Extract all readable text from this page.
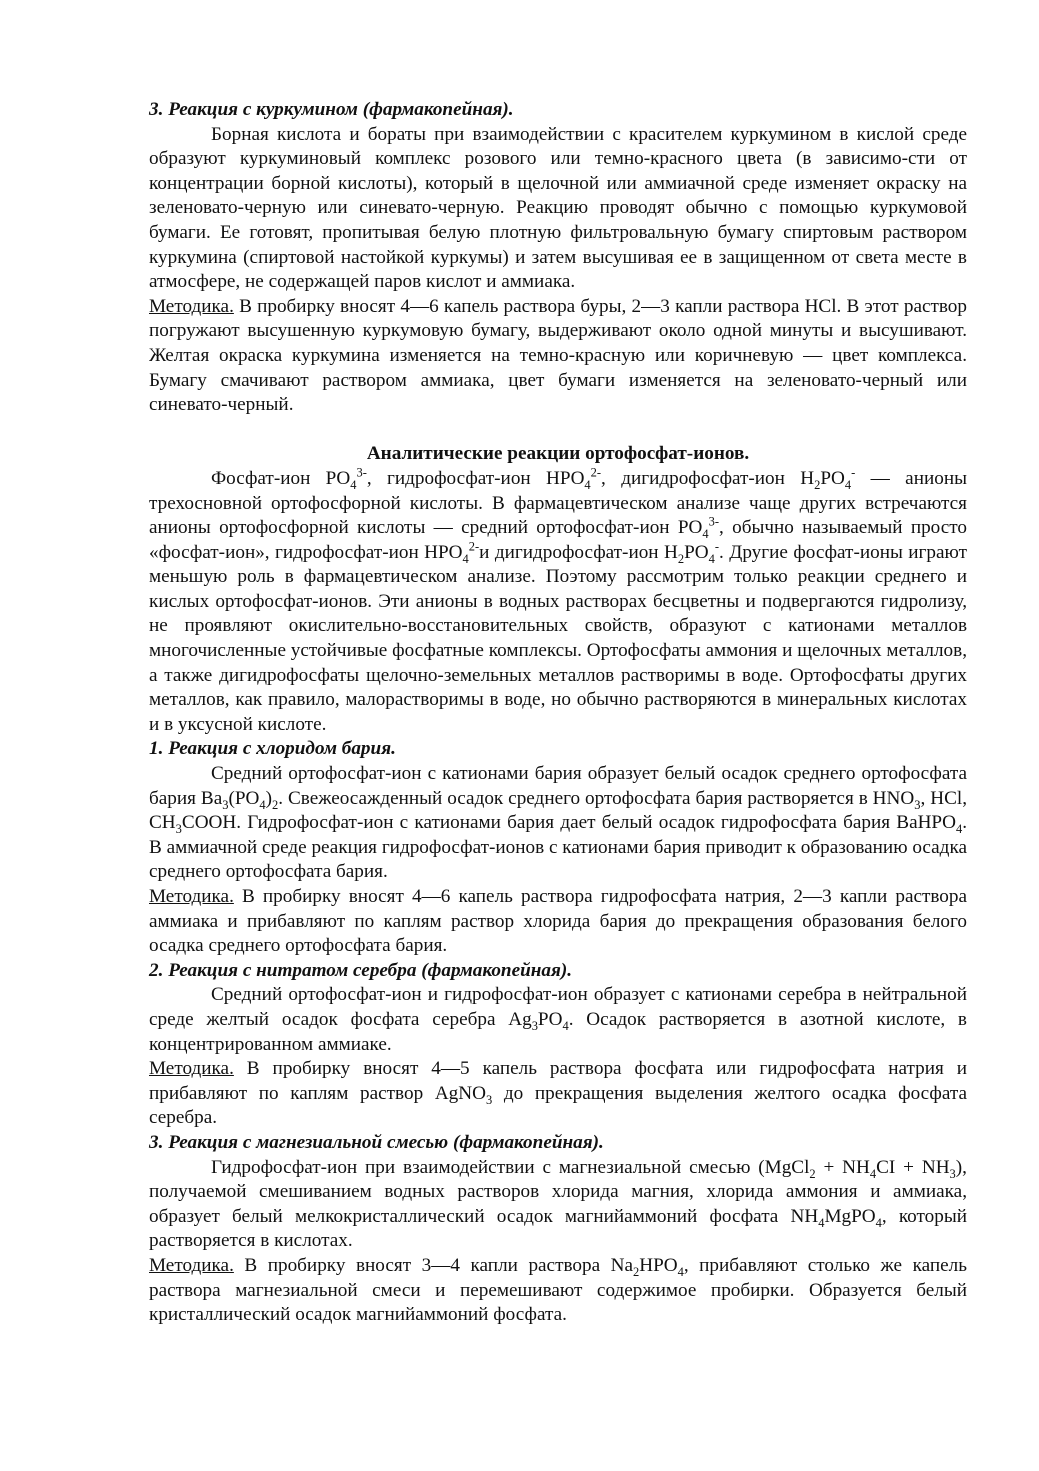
3. Реакция с куркумином (фармакопейная).

Борная кислота и бораты при взаимодействии с красителем куркумином в кислой среде образуют куркуминовый комплекс розового или темно-красного цвета (в зависимо-сти от концентрации борной кислоты), который в щелочной или аммиачной среде изменяет окраску на зеленовато-черную или синевато-черную. Реакцию проводят обычно с помощью куркумовой бумаги. Ее готовят, пропитывая белую плотную фильтровальную бумагу спиртовым раствором куркумина (спиртовой настойкой куркумы) и затем высушивая ее в защищенном от света месте в атмосфере, не содержащей паров кислот и аммиака.

Методика. В пробирку вносят 4—6 капель раствора буры, 2—3 капли раствора HCl. В этот раствор погружают высушенную куркумовую бумагу, выдерживают около одной минуты и высушивают. Желтая окраска куркумина изменяется на темно-красную или коричневую — цвет комплекса. Бумагу смачивают раствором аммиака, цвет бумаги изменяется на зеленовато-черный или синевато-черный.

Аналитические реакции ортофосфат-ионов.

Фосфат-ион $PO_4^{3-}$, гидрофосфат-ион $HPO_4^{2-}$, дигидрофосфат-ион $H_2PO_4^-$ — анионы трехосновной ортофосфорной кислоты. В фармацевтическом анализе чаще других встречаются анионы ортофосфорной кислоты — средний ортофосфат-ион $PO_4^{3-}$, обычно называемый просто «фосфат-ион», гидрофосфат-ион $HPO_4^{2-}и$ дигидрофосфат-ион $H_2PO_4^-$. Другие фосфат-ионы играют меньшую роль в фармацевтическом анализе. Поэтому рассмотрим только реакции среднего и кислых ортофосфат-ионов. Эти анионы в водных растворах бесцветны и подвергаются гидролизу, не проявляют окислительно-восстановительных свойств, образуют с катионами металлов многочисленные устойчивые фосфатные комплексы. Ортофосфаты аммония и щелочных металлов, а также дигидрофосфаты щелочно-земельных металлов растворимы в воде. Ортофосфаты других металлов, как правило, малорастворимы в воде, но обычно растворяются в минеральных кислотах и в уксусной кислоте.

1. Реакция с хлоридом бария.

Средний ортофосфат-ион с катионами бария образует белый осадок среднего ортофосфата бария $Ba_3(PO_4)_2$. Свежеосажденный осадок среднего ортофосфата бария растворяется в $HNO_3$, HCl, $CH_3COOH$. Гидрофосфат-ион с катионами бария дает белый осадок гидрофосфата бария BaHPO$_4$. В аммиачной среде реакция гидрофосфат-ионов с катионами бария приводит к образованию осадка среднего ортофосфата бария.

Методика. В пробирку вносят 4—6 капель раствора гидрофосфата натрия, 2—3 капли раствора аммиака и прибавляют по каплям раствор хлорида бария до прекращения образования белого осадка среднего ортофосфата бария.

2. Реакция с нитратом серебра (фармакопейная).

Средний ортофосфат-ион и гидрофосфат-ион образует с катионами серебра в нейтральной среде желтый осадок фосфата серебра $Ag_3PO_4$. Осадок растворяется в азотной кислоте, в концентрированном аммиаке.

Методика. В пробирку вносят 4—5 капель раствора фосфата или гидрофосфата натрия и прибавляют по каплям раствор AgNO$_3$ до прекращения выделения желтого осадка фосфата серебра.

3. Реакция с магнезиальной смесью (фармакопейная).

Гидрофосфат-ион при взаимодействии с магнезиальной смесью (MgCl$_2$ + $NH_4CI + NH_3$), получаемой смешиванием водных растворов хлорида магния, хлорида аммония и аммиака, образует белый мелкокристаллический осадок магнийаммоний фосфата $NH_4MgPO_4$, который растворяется в кислотах.

Методика. В пробирку вносят 3—4 капли раствора $Na_2HPO_4$, прибавляют столько же капель раствора магнезиальной смеси и перемешивают содержимое пробирки. Образуется белый кристаллический осадок магнийаммоний фосфата.
